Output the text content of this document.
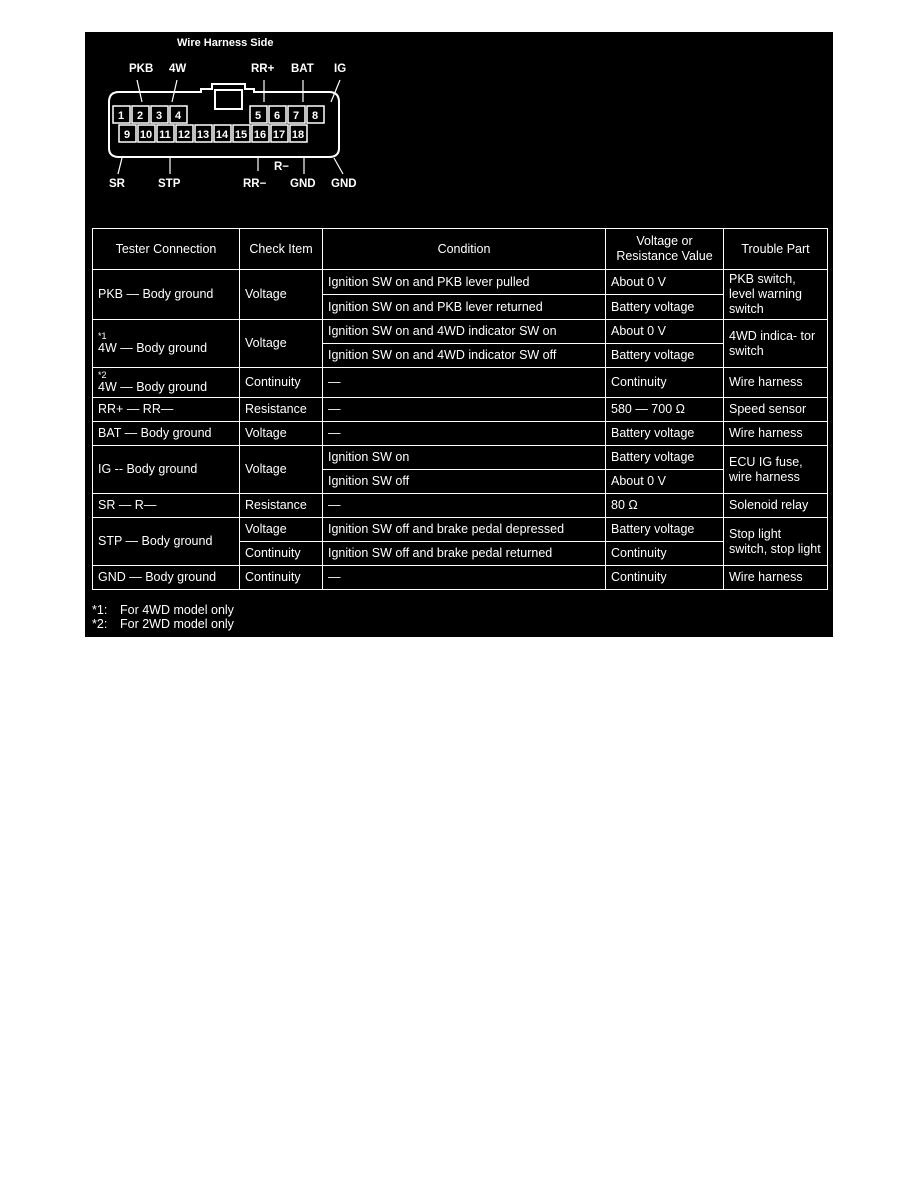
Wire Harness Side
1 2 3 4	5 6 7 8
9 10 11 12 13 14 15 16 17 18
PKB 4W	RR+ BAT IG
SR	STP
R−
RR− GND GND
Tester Connection	Check Item	Condition	Voltage or Resistance Value	Trouble Part
PKB — Body ground	Voltage	Ignition SW on and PKB lever pulled	About 0 V	PKB switch, level warning switch
		Ignition SW on and PKB lever returned	Battery voltage	

*1
4W — Body ground	Voltage	Ignition SW on and 4WD indicator SW on	About 0 V	4WD indica- tor switch
		Ignition SW on and 4WD indicator SW off	Battery voltage	

*2
4W — Body ground	Continuity	—	Continuity	Wire harness
RR+ — RR—	Resistance	—	580 — 700 Ω	Speed sensor
BAT — Body ground	Voltage	—	Battery voltage	Wire harness
IG -- Body ground	Voltage	Ignition SW on	Battery voltage	ECU IG fuse, wire harness
		Ignition SW off	About 0 V	
SR — R—	Resistance	—	80 Ω	Solenoid relay
STP — Body ground	Voltage	Ignition SW off and brake pedal depressed	Battery voltage	Stop light switch, stop light
	Continuity	Ignition SW off and brake pedal returned	Continuity	
GND — Body ground	Continuity	—	Continuity	Wire harness
*1: For 4WD model only
*2: For 2WD model only
